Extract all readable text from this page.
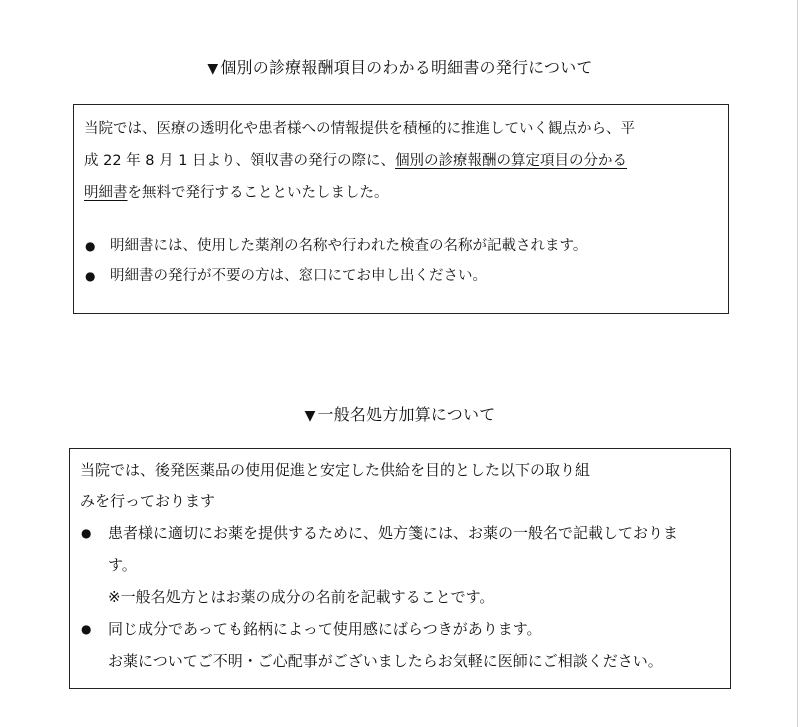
▼ 個別の診療報酬項目のわかる明細書の発行について

当院では、医療の透明化や患者様への情報提供を積極的に推進していく観点から、平
成 22 年 8 月 1 日より、領収書の発行の際に、個別の診療報酬の算定項目の分かる
明細書を無料で発行することといたしました。

● 明細書には、使用した薬剤の名称や行われた検査の名称が記載されます。
● 明細書の発行が不要の方は、窓口にてお申し出ください。
▼ 一般名処方加算について

当院では、後発医薬品の使用促進と安定した供給を目的とした以下の取り組
みを行っております

● 患者様に適切にお薬を提供するために、処方箋には、お薬の一般名で記載しておりま
す。
※一般名処方とはお薬の成分の名前を記載することです。
● 同じ成分であっても銘柄によって使用感にばらつきがあります。
お薬についてご不明・ご心配事がございましたらお気軽に医師にご相談ください。
